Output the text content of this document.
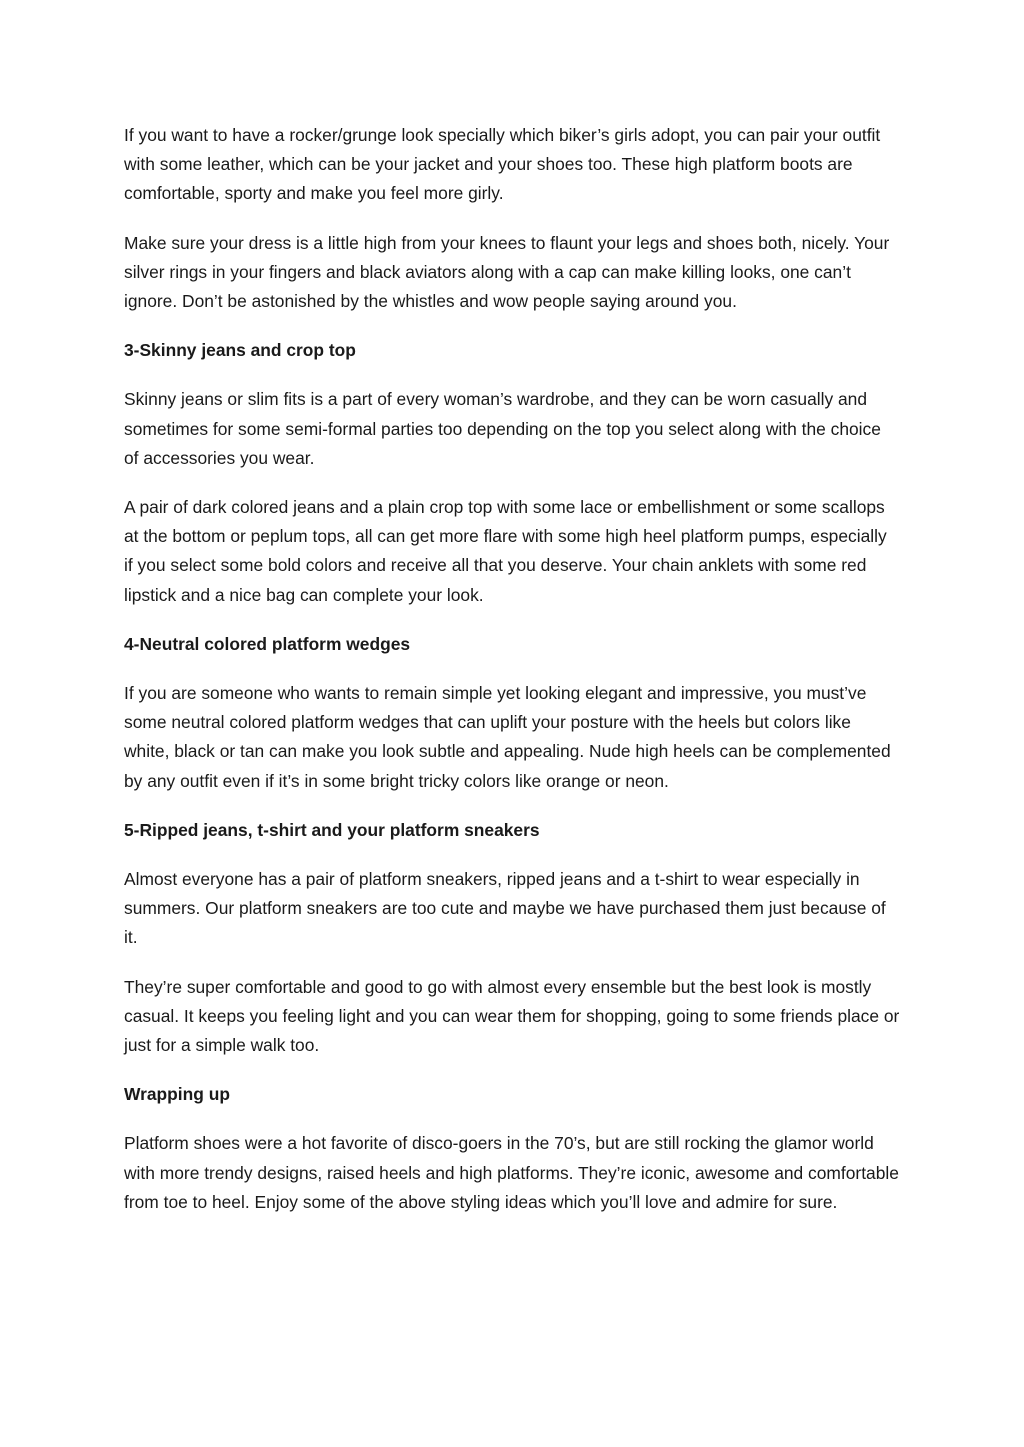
If you want to have a rocker/grunge look specially which biker’s girls adopt, you can pair your outfit with some leather, which can be your jacket and your shoes too. These high platform boots are comfortable, sporty and make you feel more girly.

Make sure your dress is a little high from your knees to flaunt your legs and shoes both, nicely. Your silver rings in your fingers and black aviators along with a cap can make killing looks, one can’t ignore. Don’t be astonished by the whistles and wow people saying around you.

3-Skinny jeans and crop top

Skinny jeans or slim fits is a part of every woman’s wardrobe, and they can be worn casually and sometimes for some semi-formal parties too depending on the top you select along with the choice of accessories you wear.

A pair of dark colored jeans and a plain crop top with some lace or embellishment or some scallops at the bottom or peplum tops, all can get more flare with some high heel platform pumps, especially if you select some bold colors and receive all that you deserve. Your chain anklets with some red lipstick and a nice bag can complete your look.

4-Neutral colored platform wedges

If you are someone who wants to remain simple yet looking elegant and impressive, you must’ve some neutral colored platform wedges that can uplift your posture with the heels but colors like white, black or tan can make you look subtle and appealing. Nude high heels can be complemented by any outfit even if it’s in some bright tricky colors like orange or neon.

5-Ripped jeans, t-shirt and your platform sneakers

Almost everyone has a pair of platform sneakers, ripped jeans and a t-shirt to wear especially in summers. Our platform sneakers are too cute and maybe we have purchased them just because of it.

They’re super comfortable and good to go with almost every ensemble but the best look is mostly casual. It keeps you feeling light and you can wear them for shopping, going to some friends place or just for a simple walk too.

Wrapping up

Platform shoes were a hot favorite of disco-goers in the 70’s, but are still rocking the glamor world with more trendy designs, raised heels and high platforms. They’re iconic, awesome and comfortable from toe to heel. Enjoy some of the above styling ideas which you’ll love and admire for sure.
